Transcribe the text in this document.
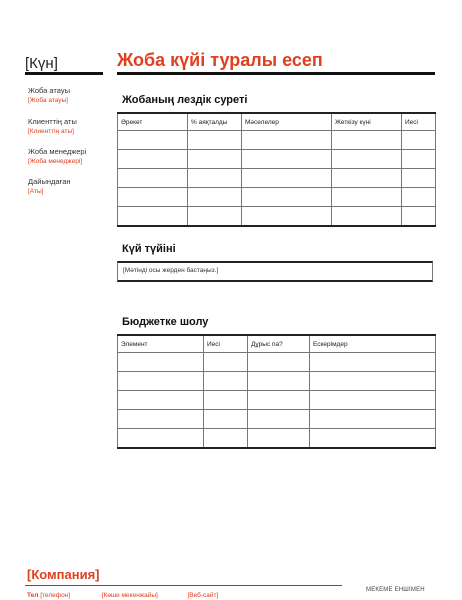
[Күн]	Жоба күйі туралы есеп
Жоба атауы
[Жоба атауы]
Клиенттің аты
[Клиенттің аты]
Жоба менеджері
[Жоба менеджері]
Дайындаған
[Аты]
Жобаның лездік суреті
Әрекет	% аяқталды	Мәселелер	Жеткізу күні	Иесі

Күй түйіні
[Мәтінді осы жерден бастаңыз.]
Бюджетке шолу
Элемент	Иесі	Дұрыс па?	Ескерімдер

[Компания]
МЕКЕМЕ ЕНШІМЕН
Тел [телефон]	[Көше мекенжайы]	[Веб-сайт]
